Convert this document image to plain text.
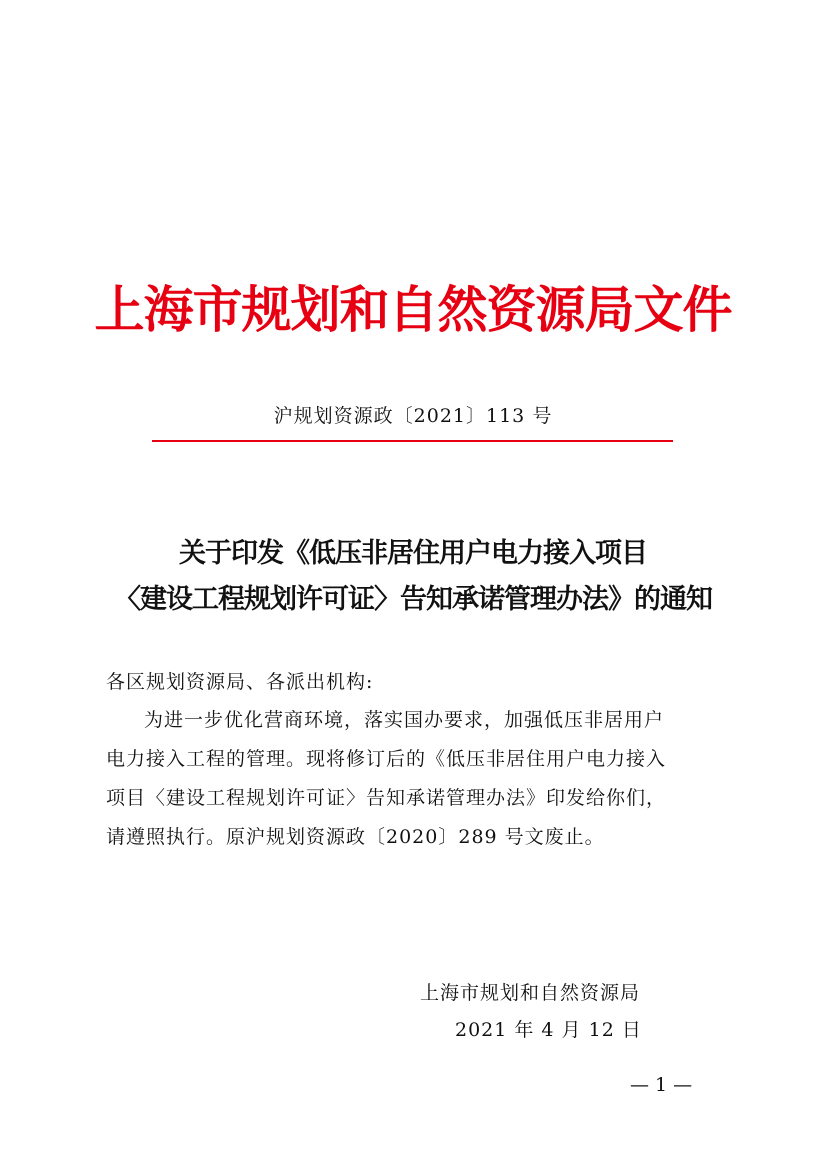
上海市规划和自然资源局文件
沪规划资源政〔2021〕113 号
关于印发《低压非居住用户电力接入项目
〈建设工程规划许可证〉告知承诺管理办法》的通知
各区规划资源局、各派出机构:
为进一步优化营商环境，落实国办要求，加强低压非居用户
电力接入工程的管理。现将修订后的《低压非居住用户电力接入
项目〈建设工程规划许可证〉告知承诺管理办法》印发给你们，
请遵照执行。原沪规划资源政〔2020〕289 号文废止。
上海市规划和自然资源局
2021 年 4 月 12 日
— 1 —
